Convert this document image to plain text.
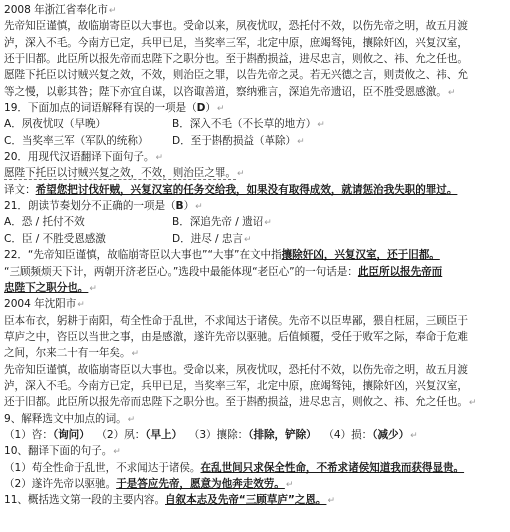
2008 年浙江省奉化市↵
先帝知臣谨慎，故临崩寄臣以大事也。受命以来，夙夜忧叹，恐托付不效，以伤先帝之明，故五月渡
泸，深入不毛。今南方已定，兵甲已足，当奖率三军，北定中原，庶竭驽钝，攘除奸凶，兴复汉室，
还于旧都。此臣所以报先帝而忠陛下之职分也。至于斟酌损益，进尽忠言，则攸之、祎、允之任也。
愿陛下托臣以讨贼兴复之效，不效，则治臣之罪，以告先帝之灵。若无兴德之言，则责攸之、祎、允
等之慢，以彰其咎；陛下亦宜自谋，以咨诹善道，察纳雅言，深追先帝遗诏，臣不胜受恩感激。↵
19．下面加点的词语解释有误的一项是（D）↵
A．夙夜忧叹（早晚）	B．深入不毛（不长草的地方）↵
C．当奖率三军（军队的统称） D．至于斟酌损益（革除）↵
20．用现代汉语翻译下面句子。↵
愿陛下托臣以讨贼兴复之效，不效，则治臣之罪。↵
译文：希望您把讨伐奸贼，兴复汉室的任务交给我，如果没有取得成效，就请惩治我失职的罪过。
21．朗读节奏划分不正确的一项是（B）↵
A．恐 / 托付不效	B．深追先帝 / 遗诏↵
C．臣 / 不胜受恩感激	D．进尽 / 忠言↵
22．“先帝知臣谨慎，故临崩寄臣以大事也”“大事”在文中指攘除奸凶，兴复汉室，还于旧都。
“三顾频烦天下计，两朝开济老臣心。”选段中最能体现“老臣心”的一句话是：此臣所以报先帝而
忠陛下之职分也。↵
2004 年沈阳市↵
臣本布衣，躬耕于南阳，苟全性命于乱世，不求闻达于诸侯。先帝不以臣卑鄙，猥自枉屈，三顾臣于
草庐之中，咨臣以当世之事，由是感激，遂许先帝以驱驰。后值倾覆，受任于败军之际，奉命于危难
之间，尔来二十有一年矣。↵
先帝知臣谨慎，故临崩寄臣以大事也。受命以来，夙夜忧叹，恐托付不效，以伤先帝之明，故五月渡
泸，深入不毛。今南方已定，兵甲已足，当奖率三军，北定中原，庶竭驽钝，攘除奸凶，兴复汉室，
还于旧都。此臣所以报先帝而忠陛下之职分也。至于斟酌损益，进尽忠言，则攸之、祎、允之任也。↵
9、解释选文中加点的词。↵
（1）咨：（询问） （2）夙：（早上） （3）攘除：（排除，铲除） （4）损：（减少）↵
10、翻译下面的句子。↵
（1）苟全性命于乱世，不求闻达于诸侯。在乱世间只求保全性命，不希求诸侯知道我而获得显贵。
（2）遂许先帝以驱驰。于是答应先帝，愿意为他奔走效劳。↵
11、概括选文第一段的主要内容。自叙本志及先帝“三顾草庐”之恩。↵
